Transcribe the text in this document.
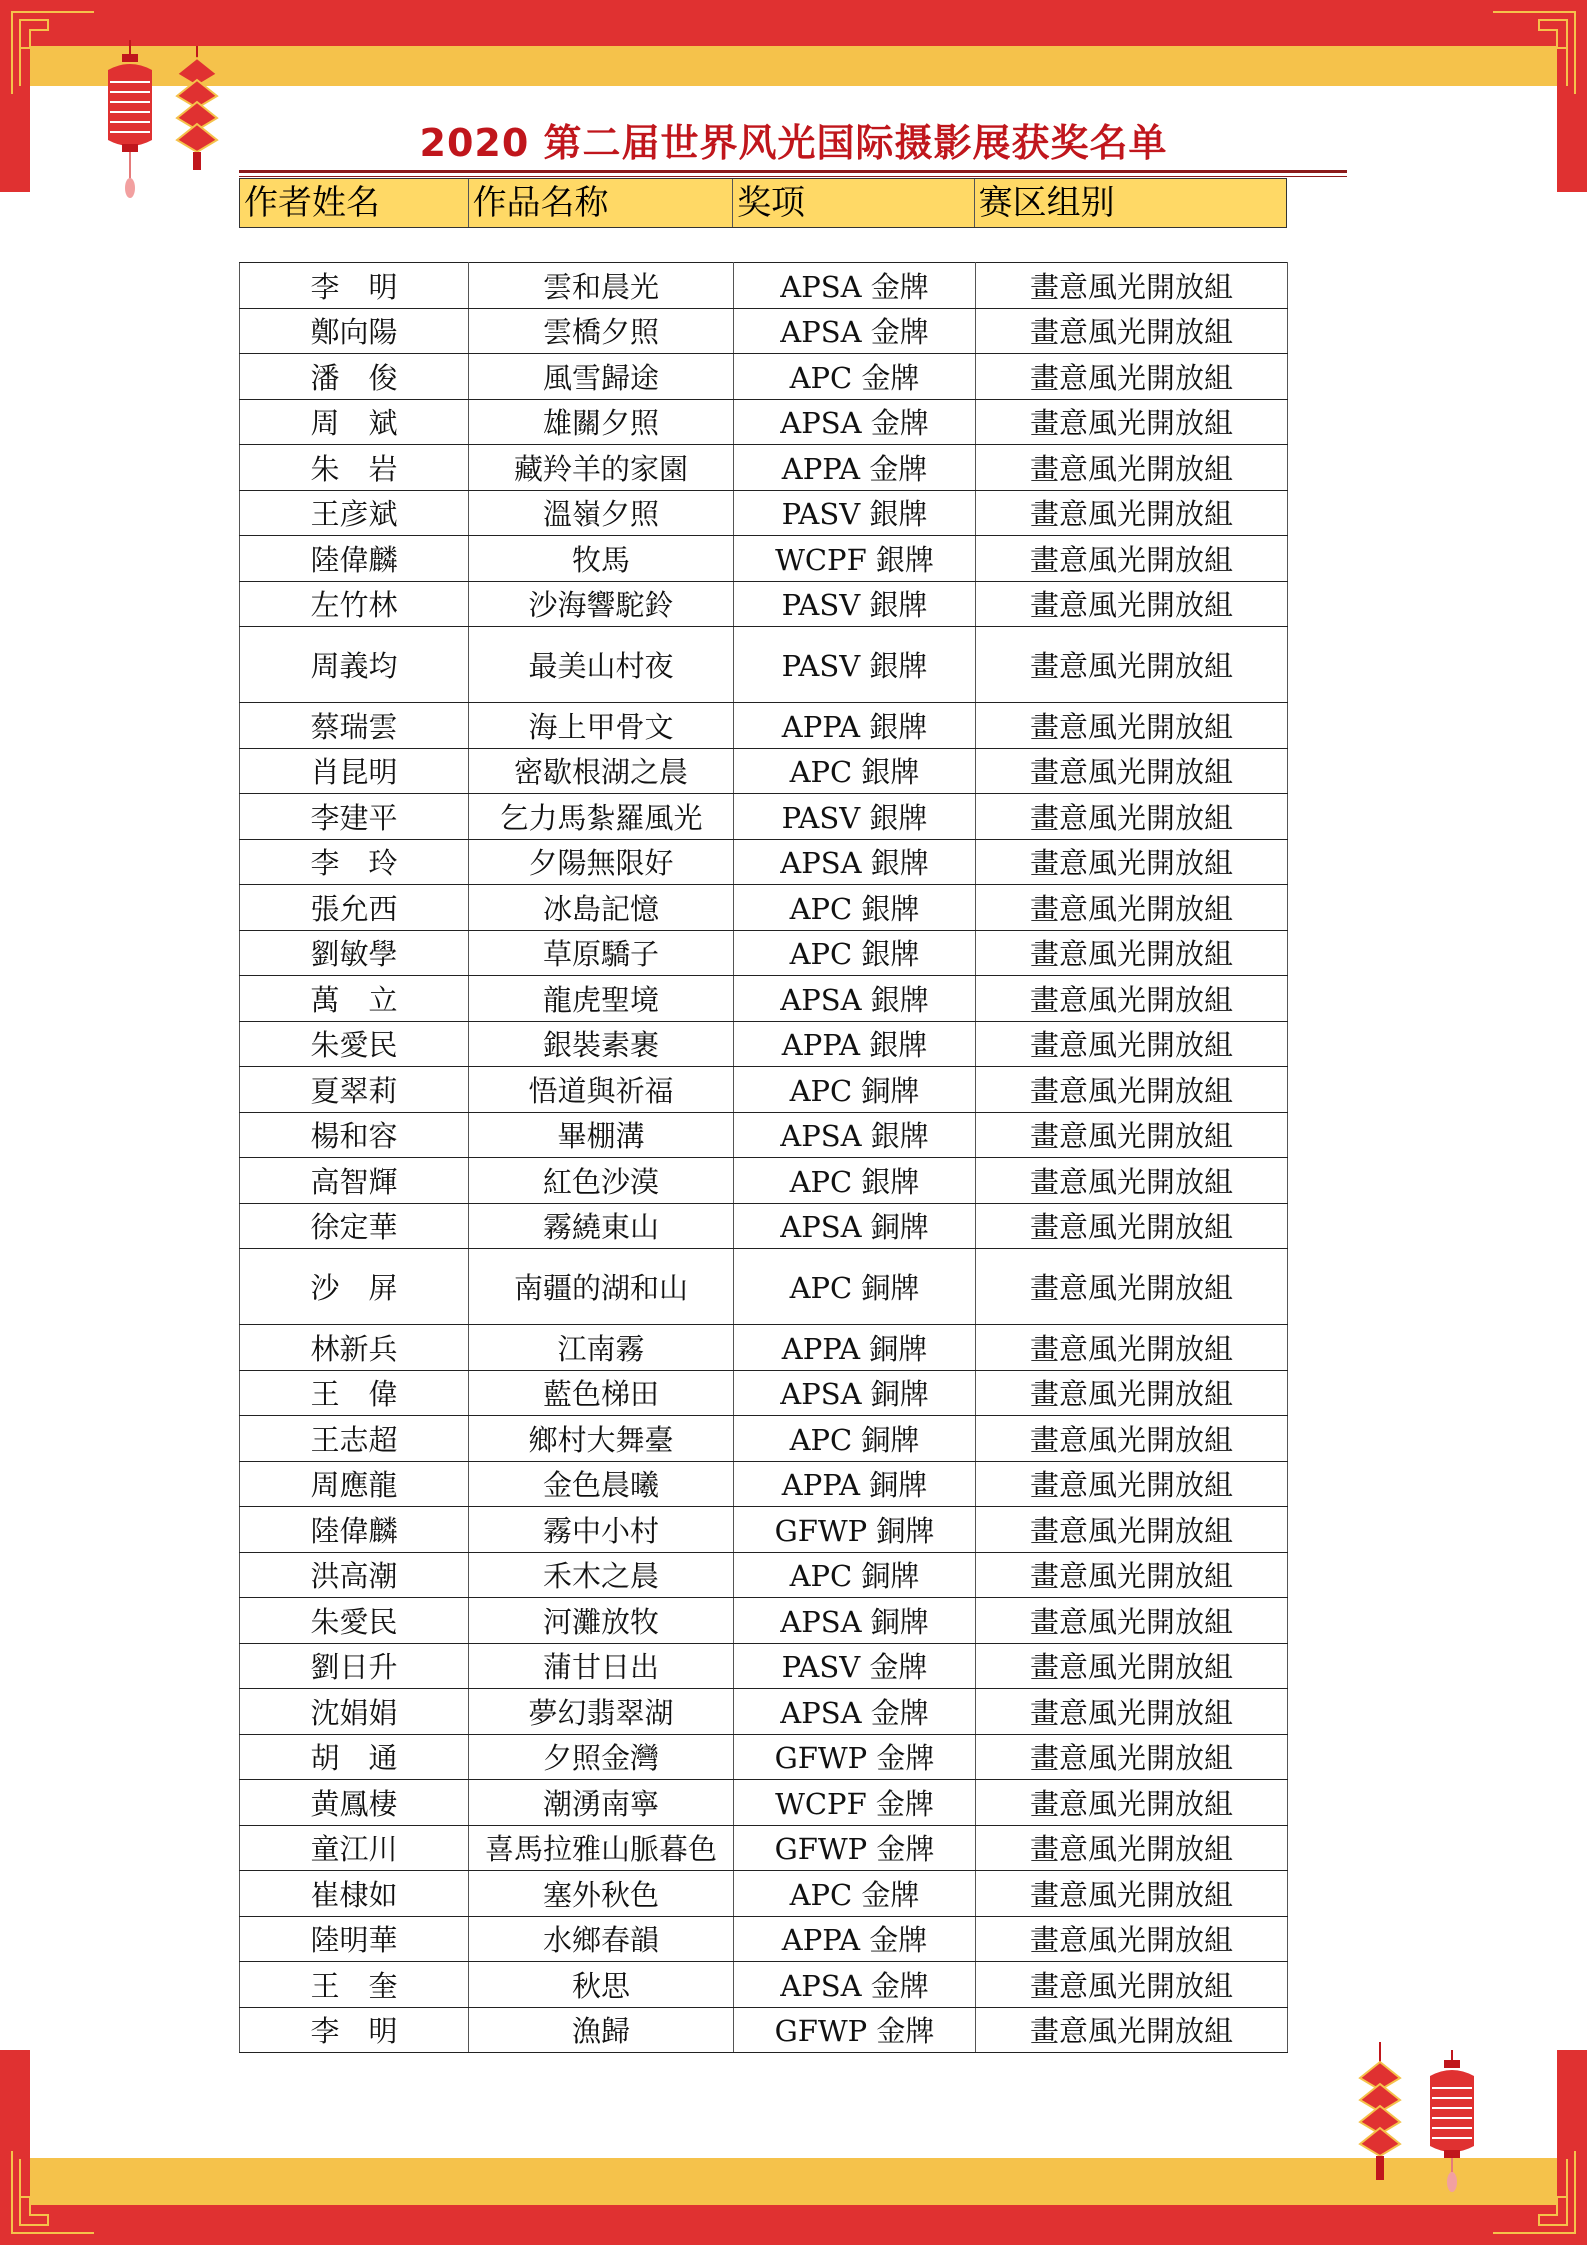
2020 第二届世界风光国际摄影展获奖名单
作者姓名	作品名称	奖项	赛区组别
李　明	雲和晨光	APSA 金牌	畫意風光開放組
鄭向陽	雲橋夕照	APSA 金牌	畫意風光開放組
潘　俊	風雪歸途	APC 金牌	畫意風光開放組
周　斌	雄關夕照	APSA 金牌	畫意風光開放組
朱　岩	藏羚羊的家園	APPA 金牌	畫意風光開放組
王彦斌	溫嶺夕照	PASV 銀牌	畫意風光開放組
陸偉麟	牧馬	WCPF 銀牌	畫意風光開放組
左竹林	沙海響駝鈴	PASV 銀牌	畫意風光開放組
周義均	最美山村夜	PASV 銀牌	畫意風光開放組
蔡瑞雲	海上甲骨文	APPA 銀牌	畫意風光開放組
肖昆明	密歇根湖之晨	APC 銀牌	畫意風光開放組
李建平	乞力馬紮羅風光	PASV 銀牌	畫意風光開放組
李　玲	夕陽無限好	APSA 銀牌	畫意風光開放組
張允西	冰島記憶	APC 銀牌	畫意風光開放組
劉敏學	草原驕子	APC 銀牌	畫意風光開放組
萬　立	龍虎聖境	APSA 銀牌	畫意風光開放組
朱愛民	銀裝素裹	APPA 銀牌	畫意風光開放組
夏翠莉	悟道與祈福	APC 銅牌	畫意風光開放組
楊和容	畢棚溝	APSA 銀牌	畫意風光開放組
高智輝	紅色沙漠	APC 銀牌	畫意風光開放組
徐定華	霧繞東山	APSA 銅牌	畫意風光開放組
沙　屏	南疆的湖和山	APC 銅牌	畫意風光開放組
林新兵	江南霧	APPA 銅牌	畫意風光開放組
王　偉	藍色梯田	APSA 銅牌	畫意風光開放組
王志超	鄉村大舞臺	APC 銅牌	畫意風光開放組
周應龍	金色晨曦	APPA 銅牌	畫意風光開放組
陸偉麟	霧中小村	GFWP 銅牌	畫意風光開放組
洪高潮	禾木之晨	APC 銅牌	畫意風光開放組
朱愛民	河灘放牧	APSA 銅牌	畫意風光開放組
劉日升	蒲甘日出	PASV 金牌	畫意風光開放組
沈娟娟	夢幻翡翠湖	APSA 金牌	畫意風光開放組
胡　通	夕照金灣	GFWP 金牌	畫意風光開放組
黄鳳棲	潮湧南寧	WCPF 金牌	畫意風光開放組
童江川	喜馬拉雅山脈暮色	GFWP 金牌	畫意風光開放組
崔棣如	塞外秋色	APC 金牌	畫意風光開放組
陸明華	水鄉春韻	APPA 金牌	畫意風光開放組
王　奎	秋思	APSA 金牌	畫意風光開放組
李　明	漁歸	GFWP 金牌	畫意風光開放組
